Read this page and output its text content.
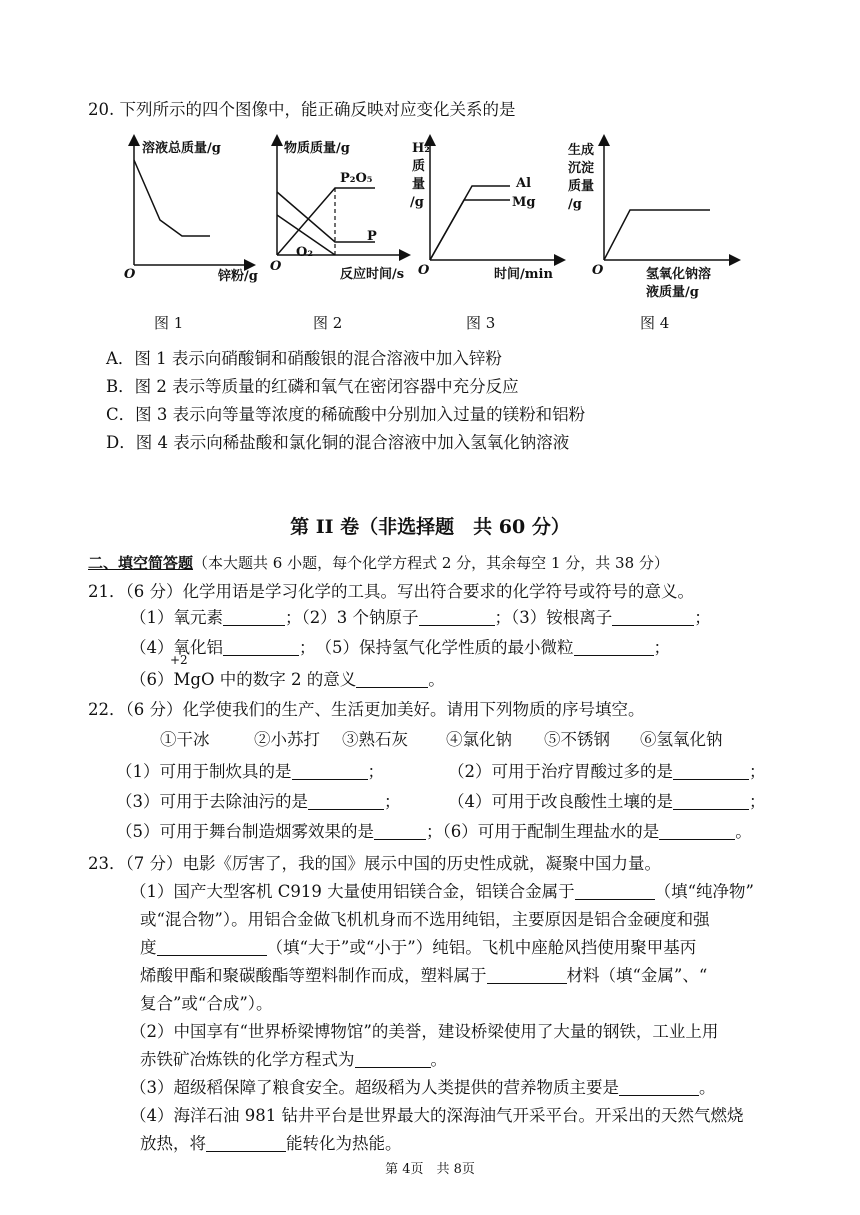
20. 下列所示的四个图像中，能正确反映对应变化关系的是
溶液总质量/g
锌粉/g
O
图 1
物质质量/g
反应时间/s
O
P₂O₅
P
O₂
图 2
H₂
质
量
/g
Al
Mg
时间/min
O
图 3
生成
沉淀
质量
/g
氢氧化钠溶
液质量/g
O
图 4
A．图 1 表示向硝酸铜和硝酸银的混合溶液中加入锌粉
B．图 2 表示等质量的红磷和氧气在密闭容器中充分反应
C．图 3 表示向等量等浓度的稀硫酸中分别加入过量的镁粉和铝粉
D．图 4 表示向稀盐酸和氯化铜的混合溶液中加入氢氧化钠溶液
第 II 卷（非选择题　共 60 分）
二、填空简答题（本大题共 6 小题，每个化学方程式 2 分，其余每空 1 分，共 38 分）
21．（6 分）化学用语是学习化学的工具。写出符合要求的化学符号或符号的意义。
（1）氧元素	；（2）3 个钠原子	；（3）铵根离子	；
（4）氧化铝	；　（5）保持氢气化学性质的最小微粒	；
+2
（6）MgO 中的数字 2 的意义	。
22．（6 分）化学使我们的生产、生活更加美好。请用下列物质的序号填空。
①干冰	②小苏打 ③熟石灰 ④氯化钠 ⑤不锈钢 ⑥氢氧化钠
（1）可用于制炊具的是	；	（2）可用于治疗胃酸过多的是	；
（3）可用于去除油污的是	；	（4）可用于改良酸性土壤的是	；
（5）可用于舞台制造烟雾效果的是	；（6）可用于配制生理盐水的是	。
23．（7 分）电影《厉害了，我的国》展示中国的历史性成就，凝聚中国力量。
（1）国产大型客机 C919 大量使用铝镁合金，铝镁合金属于	（填“纯净物”
或“混合物”）。用铝合金做飞机机身而不选用纯铝，主要原因是铝合金硬度和强
度	（填“大于”或“小于”）纯铝。飞机中座舱风挡使用聚甲基丙
烯酸甲酯和聚碳酸酯等塑料制作而成，塑料属于	材料（填“金属”、“
复合”或“合成”）。
（2）中国享有“世界桥梁博物馆”的美誉，建设桥梁使用了大量的钢铁，工业上用
赤铁矿冶炼铁的化学方程式为	。
（3）超级稻保障了粮食安全。超级稻为人类提供的营养物质主要是	。
（4）海洋石油 981 钻井平台是世界最大的深海油气开采平台。开采出的天然气燃烧
放热，将	能转化为热能。
第 4页　共 8页
